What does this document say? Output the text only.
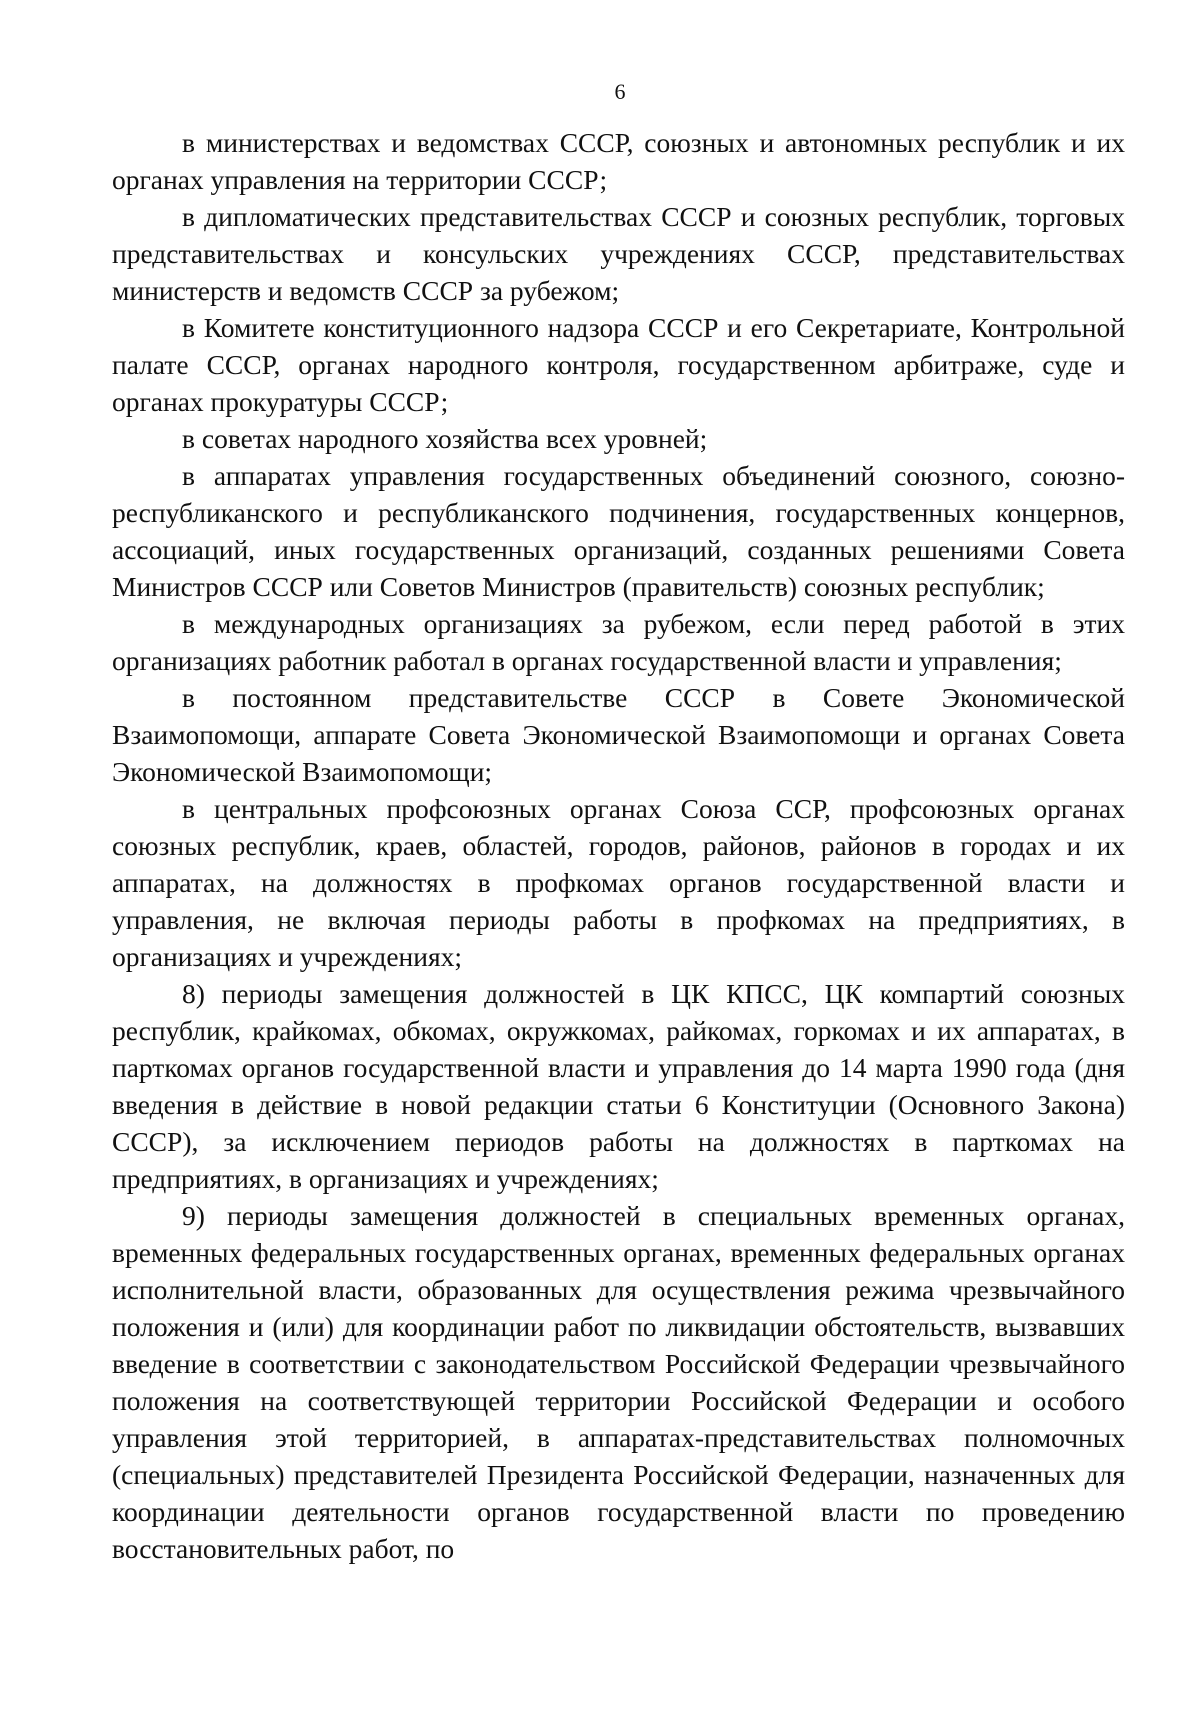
6

в министерствах и ведомствах СССР, союзных и автономных республик и их органах управления на территории СССР;

в дипломатических представительствах СССР и союзных республик, торговых представительствах и консульских учреждениях СССР, представительствах министерств и ведомств СССР за рубежом;

в Комитете конституционного надзора СССР и его Секретариате, Контрольной палате СССР, органах народного контроля, государственном арбитраже, суде и органах прокуратуры СССР;

в советах народного хозяйства всех уровней;

в аппаратах управления государственных объединений союзного, союзно-республиканского и республиканского подчинения, государственных концернов, ассоциаций, иных государственных организаций, созданных решениями Совета Министров СССР или Советов Министров (правительств) союзных республик;

в международных организациях за рубежом, если перед работой в этих организациях работник работал в органах государственной власти и управления;

в постоянном представительстве СССР в Совете Экономической Взаимопомощи, аппарате Совета Экономической Взаимопомощи и органах Совета Экономической Взаимопомощи;

в центральных профсоюзных органах Союза ССР, профсоюзных органах союзных республик, краев, областей, городов, районов, районов в городах и их аппаратах, на должностях в профкомах органов государственной власти и управления, не включая периоды работы в профкомах на предприятиях, в организациях и учреждениях;

8) периоды замещения должностей в ЦК КПСС, ЦК компартий союзных республик, крайкомах, обкомах, окружкомах, райкомах, горкомах и их аппаратах, в парткомах органов государственной власти и управления до 14 марта 1990 года (дня введения в действие в новой редакции статьи 6 Конституции (Основного Закона) СССР), за исключением периодов работы на должностях в парткомах на предприятиях, в организациях и учреждениях;

9) периоды замещения должностей в специальных временных органах, временных федеральных государственных органах, временных федеральных органах исполнительной власти, образованных для осуществления режима чрезвычайного положения и (или) для координации работ по ликвидации обстоятельств, вызвавших введение в соответствии с законодательством Российской Федерации чрезвычайного положения на соответствующей территории Российской Федерации и особого управления этой территорией, в аппаратах-представительствах полномочных (специальных) представителей Президента Российской Федерации, назначенных для координации деятельности органов государственной власти по проведению восстановительных работ, по
